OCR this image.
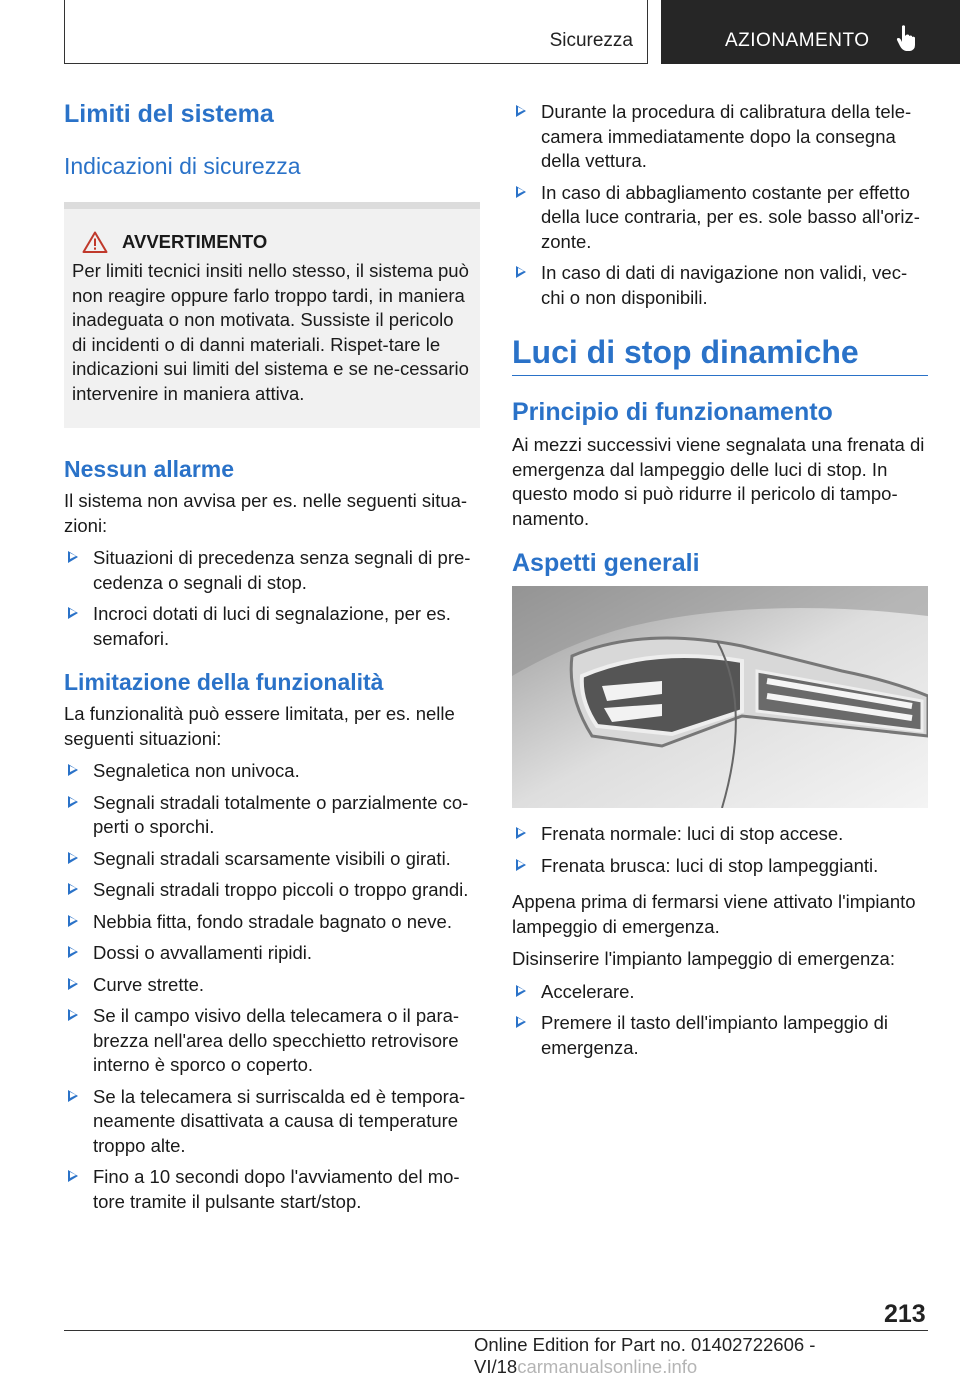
Sicurezza	AZIONAMENTO
Limiti del sistema
Indicazioni di sicurezza
AVVERTIMENTO

Per limiti tecnici insiti nello stesso, il sistema può non reagire oppure farlo troppo tardi, in maniera inadeguata o non motivata. Sussiste il pericolo di incidenti o di danni materiali. Rispet-tare le indicazioni sui limiti del sistema e se ne-cessario intervenire in maniera attiva.

Nessun allarme

Il sistema non avvisa per es. nelle seguenti situa-zioni:

Situazioni di precedenza senza segnali di pre-cedenza o segnali di stop.
Incroci dotati di luci di segnalazione, per es. semafori.
Limitazione della funzionalità

La funzionalità può essere limitata, per es. nelle seguenti situazioni:

Segnaletica non univoca.
Segnali stradali totalmente o parzialmente co-perti o sporchi.
Segnali stradali scarsamente visibili o girati.
Segnali stradali troppo piccoli o troppo grandi.
Nebbia fitta, fondo stradale bagnato o neve.
Dossi o avvallamenti ripidi.
Curve strette.
Se il campo visivo della telecamera o il para-brezza nell'area dello specchietto retrovisore interno è sporco o coperto.
Se la telecamera si surriscalda ed è tempora-neamente disattivata a causa di temperature troppo alte.
Fino a 10 secondi dopo l'avviamento del mo-tore tramite il pulsante start/stop.
Durante la procedura di calibratura della tele-camera immediatamente dopo la consegna della vettura.
In caso di abbagliamento costante per effetto della luce contraria, per es. sole basso all'oriz-zonte.
In caso di dati di navigazione non validi, vec-chi o non disponibili.
Luci di stop dinamiche
Principio di funzionamento

Ai mezzi successivi viene segnalata una frenata di emergenza dal lampeggio delle luci di stop. In questo modo si può ridurre il pericolo di tampo-namento.

Aspetti generali
Frenata normale: luci di stop accese.
Frenata brusca: luci di stop lampeggianti.

Appena prima di fermarsi viene attivato l'impianto lampeggio di emergenza.

Disinserire l'impianto lampeggio di emergenza:

Accelerare.
Premere il tasto dell'impianto lampeggio di emergenza.
213
Online Edition for Part no. 01402722606 - VI/18carmanualsonline.info
